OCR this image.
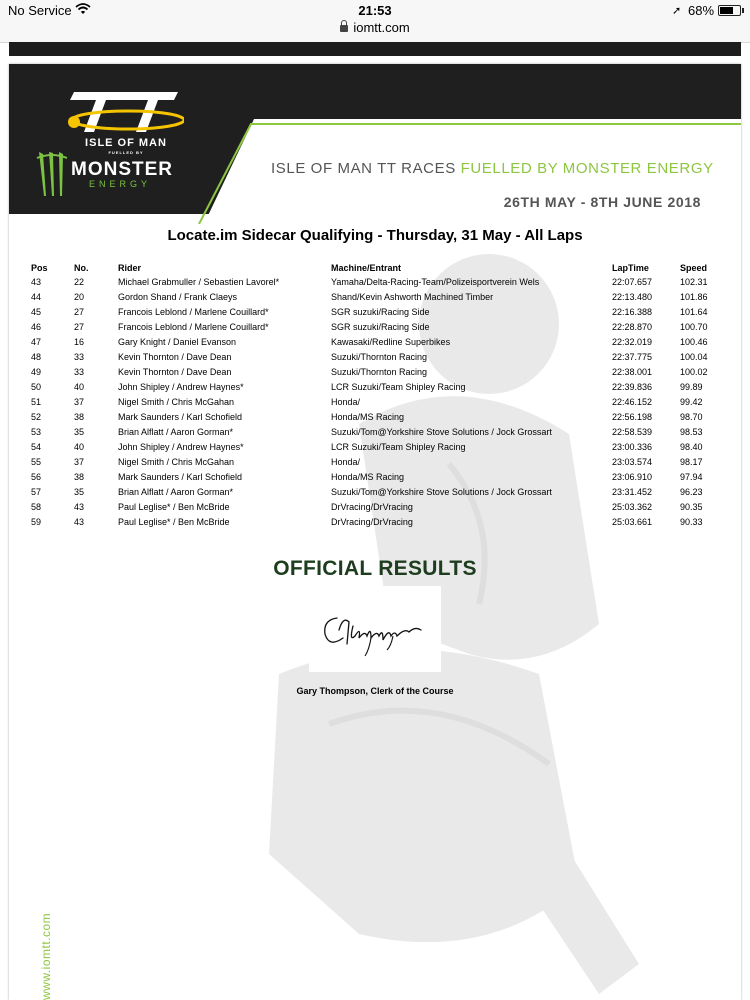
No Service	21:53
iomtt.com
➚ 68%
ISLE OF MAN
FUELLED BY
MONSTER
ENERGY
ISLE OF MAN TT RACES FUELLED BY MONSTER ENERGY
26TH MAY - 8TH JUNE 2018
Locate.im Sidecar Qualifying - Thursday, 31 May - All Laps
Pos	No.	Rider	Machine/Entrant	LapTime	Speed
43	22	Michael Grabmuller / Sebastien Lavorel*	Yamaha/Delta-Racing-Team/Polizeisportverein Wels	22:07.657	102.31
44	20	Gordon Shand / Frank Claeys	Shand/Kevin Ashworth Machined Timber	22:13.480	101.86
45	27	Francois Leblond / Marlene Couillard*	SGR suzuki/Racing Side	22:16.388	101.64
46	27	Francois Leblond / Marlene Couillard*	SGR suzuki/Racing Side	22:28.870	100.70
47	16	Gary Knight / Daniel Evanson	Kawasaki/Redline Superbikes	22:32.019	100.46
48	33	Kevin Thornton / Dave Dean	Suzuki/Thornton Racing	22:37.775	100.04
49	33	Kevin Thornton / Dave Dean	Suzuki/Thornton Racing	22:38.001	100.02
50	40	John Shipley / Andrew Haynes*	LCR Suzuki/Team Shipley Racing	22:39.836	99.89
51	37	Nigel Smith / Chris McGahan	Honda/	22:46.152	99.42
52	38	Mark Saunders / Karl Schofield	Honda/MS Racing	22:56.198	98.70
53	35	Brian Alflatt / Aaron Gorman*	Suzuki/Tom@Yorkshire Stove Solutions / Jock Grossart	22:58.539	98.53
54	40	John Shipley / Andrew Haynes*	LCR Suzuki/Team Shipley Racing	23:00.336	98.40
55	37	Nigel Smith / Chris McGahan	Honda/	23:03.574	98.17
56	38	Mark Saunders / Karl Schofield	Honda/MS Racing	23:06.910	97.94
57	35	Brian Alflatt / Aaron Gorman*	Suzuki/Tom@Yorkshire Stove Solutions / Jock Grossart	23:31.452	96.23
58	43	Paul Leglise* / Ben McBride	DrVracing/DrVracing	25:03.362	90.35
59	43	Paul Leglise* / Ben McBride	DrVracing/DrVracing	25:03.661	90.33
OFFICIAL RESULTS
Gary Thompson, Clerk of the Course
www.iomtt.com
